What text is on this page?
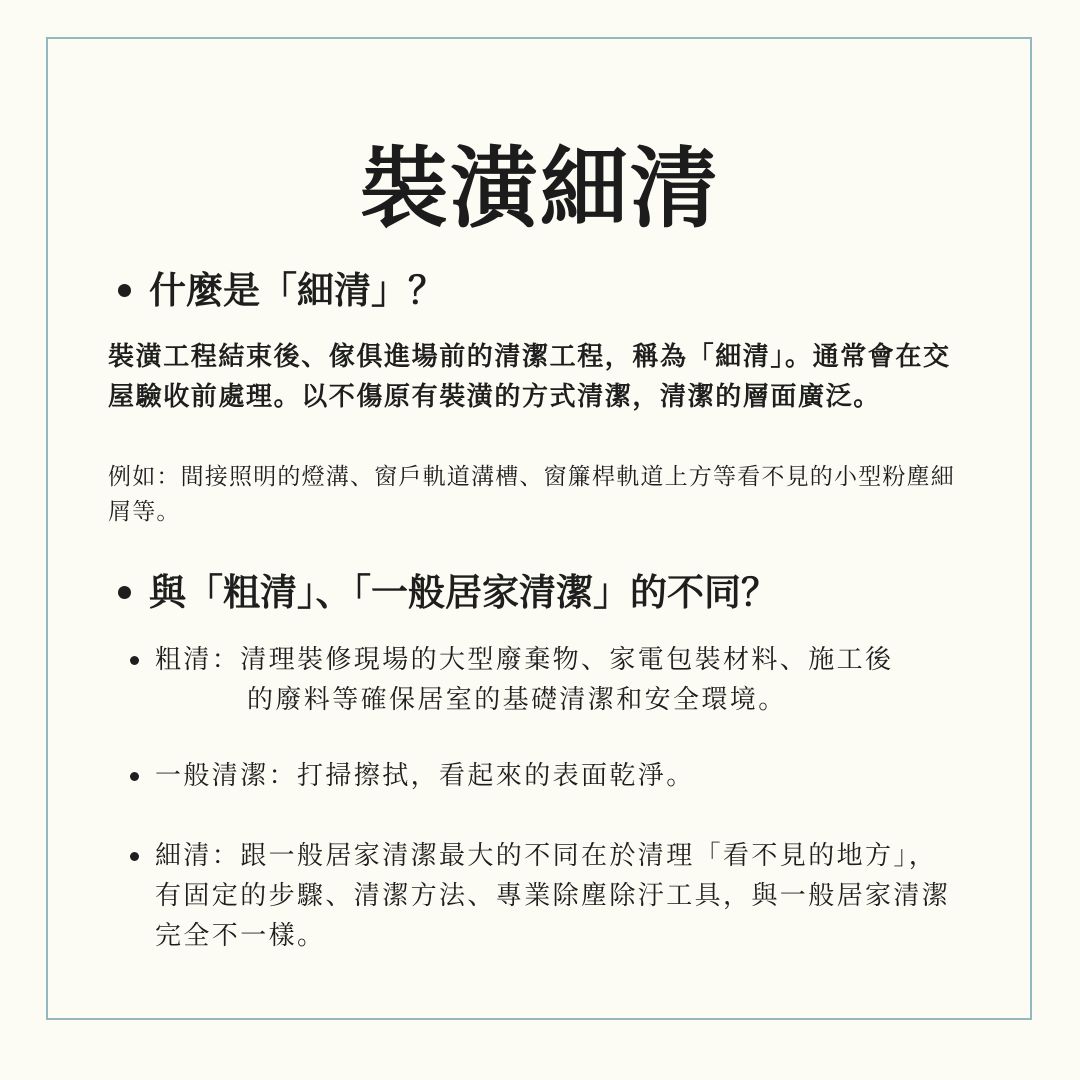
裝潢細清
什麼是「細清」？

裝潢工程結束後、傢俱進場前的清潔工程，稱為「細清」。通常會在交屋驗收前處理。以不傷原有裝潢的方式清潔，清潔的層面廣泛。

例如：間接照明的燈溝、窗戶軌道溝槽、窗簾桿軌道上方等看不見的小型粉塵細屑等。

與「粗清」、「一般居家清潔」的不同？
粗清：清理裝修現場的大型廢棄物、家電包裝材料、施工後
的廢料等確保居室的基礎清潔和安全環境。
一般清潔：打掃擦拭，看起來的表面乾淨。
細清：跟一般居家清潔最大的不同在於清理「看不見的地方」，有固定的步驟、清潔方法、專業除塵除汙工具，與一般居家清潔完全不一樣。
